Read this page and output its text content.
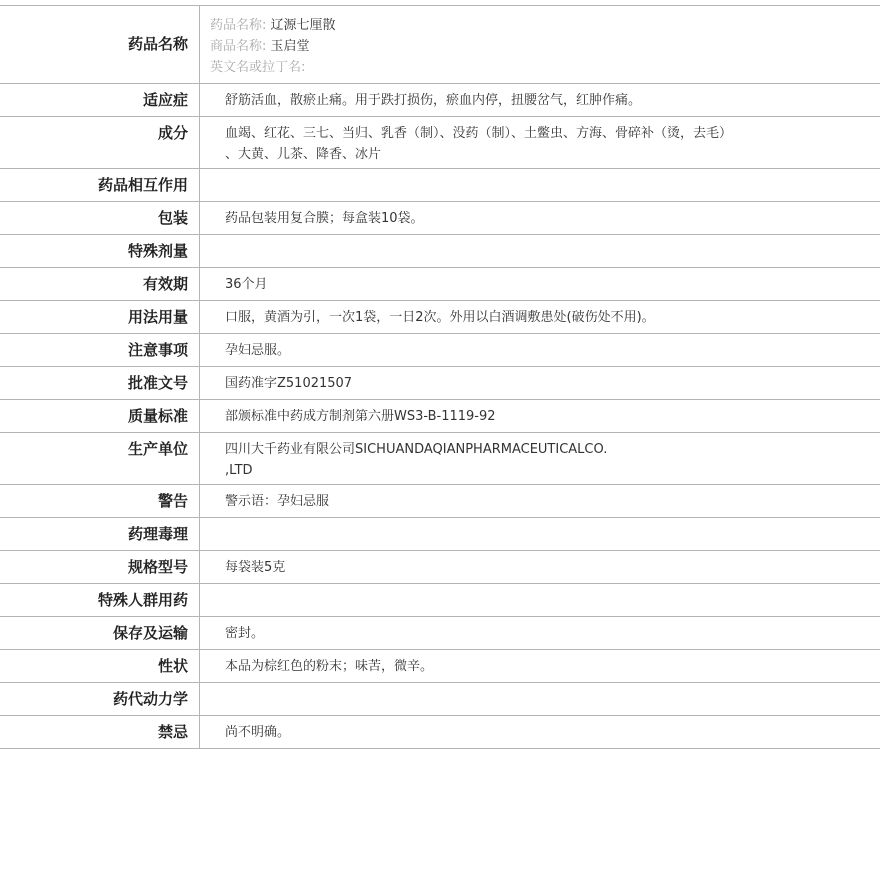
药品名称
药品名称: 辽源七厘散
商品名称: 玉启堂
英文名或拉丁名:
适应症	舒筋活血，散瘀止痛。用于跌打损伤，瘀血内停，扭腰岔气，红肿作痛。
成分	血竭、红花、三七、当归、乳香（制）、没药（制）、土鳖虫、方海、骨碎补（烫，去毛）
、大黄、儿茶、降香、冰片
药品相互作用
包装	药品包装用复合膜；每盒装10袋。
特殊剂量
有效期	36个月
用法用量	口服，黄酒为引，一次1袋，一日2次。外用以白酒调敷患处(破伤处不用)。
注意事项	孕妇忌服。
批准文号	国药准字Z51021507
质量标准	部颁标准中药成方制剂第六册WS3-B-1119-92
生产单位	四川大千药业有限公司SICHUANDAQIANPHARMACEUTICALCO.
,LTD
警告	警示语：孕妇忌服
药理毒理
规格型号	每袋装5克
特殊人群用药
保存及运输	密封。
性状	本品为棕红色的粉末；味苦，微辛。
药代动力学
禁忌	尚不明确。
